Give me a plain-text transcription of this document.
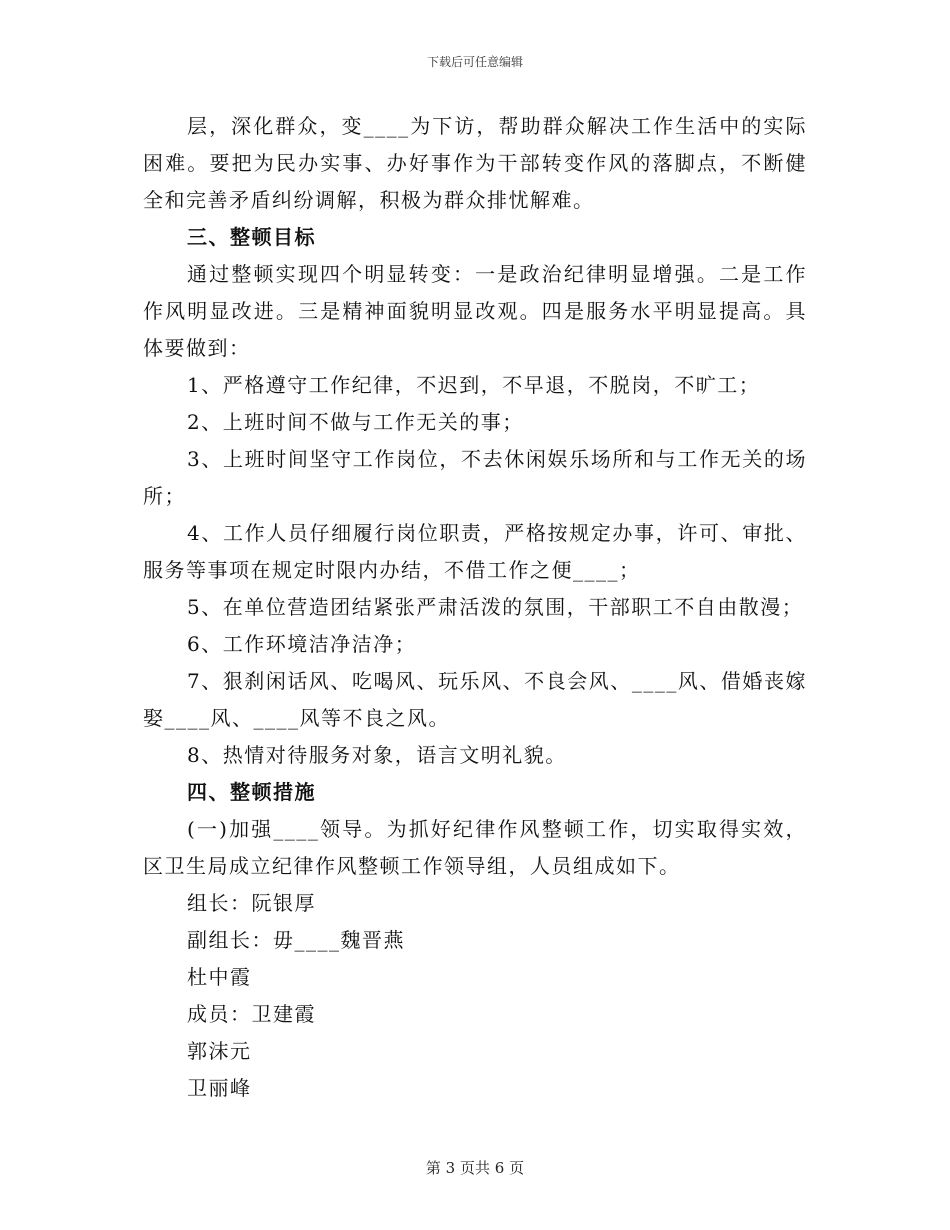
下载后可任意编辑

层，深化群众，变____为下访，帮助群众解决工作生活中的实际困难。要把为民办实事、办好事作为干部转变作风的落脚点，不断健全和完善矛盾纠纷调解，积极为群众排忧解难。

三、整顿目标

通过整顿实现四个明显转变：一是政治纪律明显增强。二是工作作风明显改进。三是精神面貌明显改观。四是服务水平明显提高。具体要做到：

1、严格遵守工作纪律，不迟到，不早退，不脱岗，不旷工；

2、上班时间不做与工作无关的事；

3、上班时间坚守工作岗位，不去休闲娱乐场所和与工作无关的场所；

4、工作人员仔细履行岗位职责，严格按规定办事，许可、审批、服务等事项在规定时限内办结，不借工作之便____；

5、在单位营造团结紧张严肃活泼的氛围，干部职工不自由散漫；

6、工作环境洁净洁净；

7、狠刹闲话风、吃喝风、玩乐风、不良会风、____风、借婚丧嫁娶____风、____风等不良之风。

8、热情对待服务对象，语言文明礼貌。

四、整顿措施

(一)加强____领导。为抓好纪律作风整顿工作，切实取得实效，区卫生局成立纪律作风整顿工作领导组，人员组成如下。

组长：阮银厚

副组长：毋____魏晋燕

杜中霞

成员：卫建霞

郭沫元

卫丽峰

第 3 页共 6 页
